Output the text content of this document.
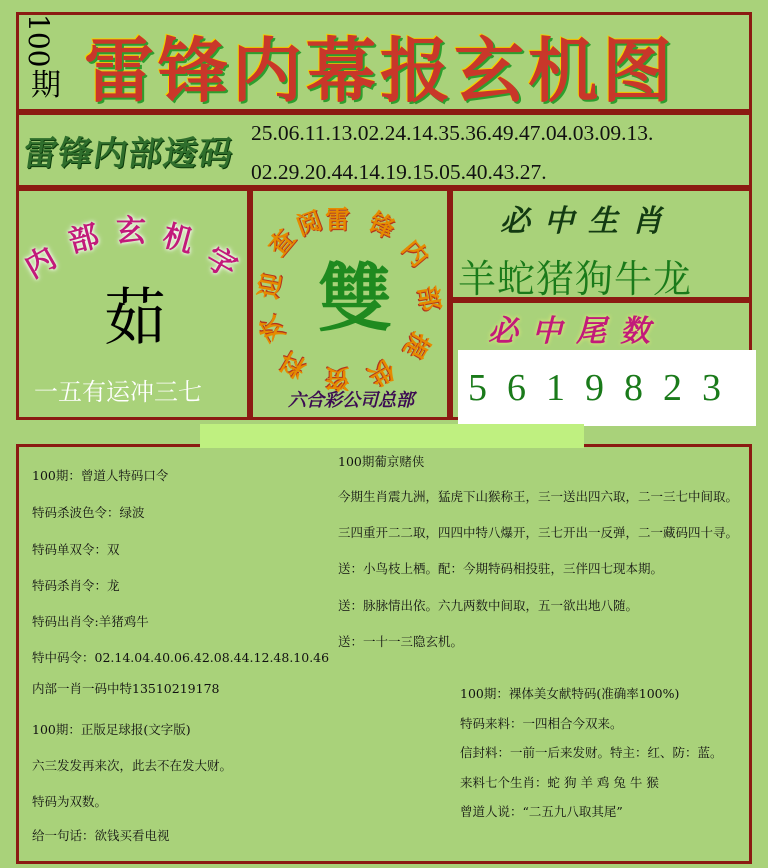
100
期 雷锋内幕报玄机图
雷锋内部透码
25.06.11.13.02.24.14.35.36.49.47.04.03.09.13.
02.29.20.44.14.19.15.05.40.43.27.
内
部 玄 机
字
茹
一五有运冲三七
雷 锋
内
部
提
供
资
料
欢
迎
查
阅
雙
六合彩公司总部
必中生肖
羊蛇猪狗牛龙
必中尾数
5619823
100期：曾道人特码口令
特码杀波色令：绿波
特码单双令：双
特码杀肖令：龙
特码出肖令:羊猪鸡牛
特中码令：02.14.04.40.06.42.08.44.12.48.10.46
内部一肖一码中特13510219178
100期：正版足球报(文字版)
六三发发再来次，此去不在发大财。
特码为双数。
给一句话：欲钱买看电视
100期葡京赌侠
今期生肖震九洲，猛虎下山猴称王，三一送出四六取，二一三七中间取。
三四重开二二取，四四中特八爆开，三七开出一反弹，二一藏码四十寻。
送：小鸟枝上栖。配：今期特码相投驻，三伴四七现本期。
送：脉脉情出依。六九两数中间取，五一欲出地八随。
送：一十一三隐玄机。
100期：裸体美女献特码(准确率100%)
特码来料：一四相合今双来。
信封料：一前一后来发财。特主：红、防：蓝。
来料七个生肖：蛇 狗 羊 鸡 兔 牛 猴
曾道人说：“二五九八取其尾”
